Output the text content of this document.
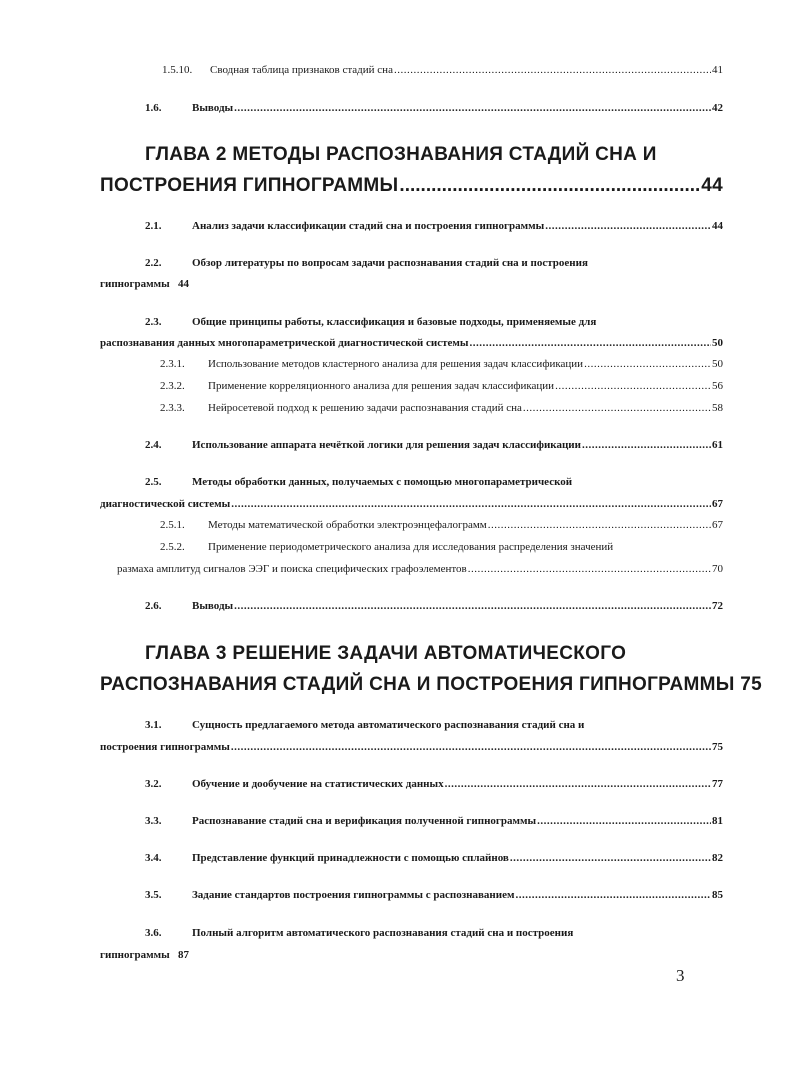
1.5.10.	Сводная таблица признаков стадий сна .....	41
1.6.	Выводы .....	42
ГЛАВА 2 МЕТОДЫ РАСПОЗНАВАНИЯ СТАДИЙ СНА И
ПОСТРОЕНИЯ ГИПНОГРАММЫ .....	44
2.1.	Анализ задачи классификации стадий сна и построения гипнограммы .....	44
2.2.	Обзор литературы по вопросам задачи распознавания стадий сна и построения
гипнограммы 44
2.3.	Общие принципы работы, классификация и базовые подходы, применяемые для
распознавания данных многопараметрической диагностической системы .....	50
2.3.1.	Использование методов кластерного анализа для решения задач классификации .....	50
2.3.2.	Применение корреляционного анализа для решения задач классификации .....	56
2.3.3.	Нейросетевой подход к решению задачи распознавания стадий сна .....	58
2.4.	Использование аппарата нечёткой логики для решения задач классификации .....	61
2.5.	Методы обработки данных, получаемых с помощью многопараметрической
диагностической системы .....	67
2.5.1.	Методы математической обработки электроэнцефалограмм .....	67
2.5.2. Применение периодометрического анализа для исследования распределения значений
размаха амплитуд сигналов ЭЭГ и поиска специфических графоэлементов .....	70
2.6.	Выводы .....	72
ГЛАВА 3 РЕШЕНИЕ ЗАДАЧИ АВТОМАТИЧЕСКОГО
РАСПОЗНАВАНИЯ СТАДИЙ СНА И ПОСТРОЕНИЯ ГИПНОГРАММЫ 75
3.1.	Сущность предлагаемого метода автоматического распознавания стадий сна и
построения гипнограммы .....	75
3.2.	Обучение и дообучение на статистических данных .....	77
3.3.	Распознавание стадий сна и верификация полученной гипнограммы .....	81
3.4.	Представление функций принадлежности с помощью сплайнов .....	82
3.5.	Задание стандартов построения гипнограммы с распознаванием .....	85
3.6.	Полный алгоритм автоматического распознавания стадий сна и построения
гипнограммы 87
3
